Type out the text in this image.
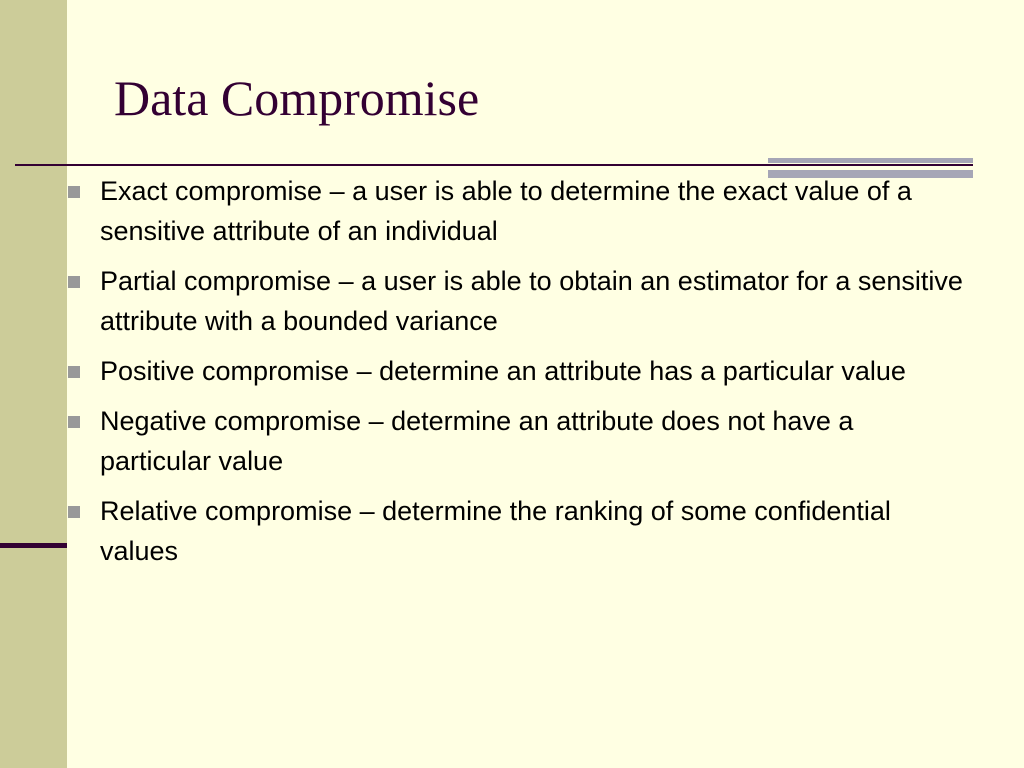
Data Compromise
Exact compromise – a user is able to determine the exact value of a sensitive attribute of an individual
Partial compromise – a user is able to obtain an estimator for a sensitive attribute with a bounded variance
Positive compromise – determine an attribute has a particular value
Negative compromise – determine an attribute does not have a particular value
Relative compromise – determine the ranking of some confidential values
